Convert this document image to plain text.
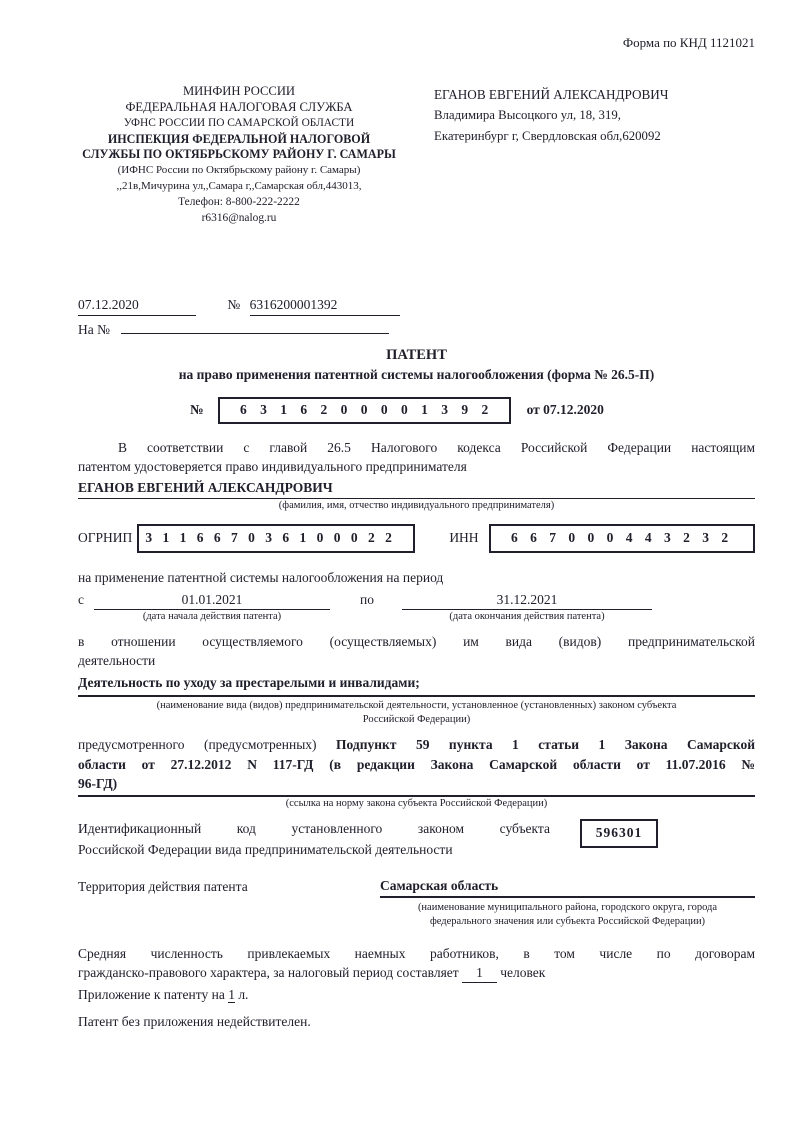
Форма по КНД 1121021
МИНФИН РОССИИ
ФЕДЕРАЛЬНАЯ НАЛОГОВАЯ СЛУЖБА
УФНС РОССИИ ПО САМАРСКОЙ ОБЛАСТИ
ИНСПЕКЦИЯ ФЕДЕРАЛЬНОЙ НАЛОГОВОЙ
СЛУЖБЫ ПО ОКТЯБРЬСКОМУ РАЙОНУ Г. САМАРЫ
(ИФНС России по Октябрьскому району г. Самары)
,,21в,Мичурина ул,,Самара г,,Самарская обл,443013,
Телефон: 8-800-222-2222
r6316@nalog.ru
ЕГАНОВ ЕВГЕНИЙ АЛЕКСАНДРОВИЧ
Владимира Высоцкого ул, 18, 319,
Екатеринбург г, Свердловская обл,620092
07.12.2020	№ 6316200001392
На №
ПАТЕНТ
на право применения патентной системы налогообложения (форма № 26.5-П)
№	6 3 1 6 2 0 0 0 0 1 3 9 2	от 07.12.2020
В соответствии с главой 26.5 Налогового кодекса Российской Федерации настоящим
патентом удостоверяется право индивидуального предпринимателя
ЕГАНОВ ЕВГЕНИЙ АЛЕКСАНДРОВИЧ
(фамилия, имя, отчество индивидуального предпринимателя)
ОГРНИП 3 1 1 6 6 7 0 3 6 1 0 0 0 2 2	ИНН	6 6 7 0 0 0 4 4 3 2 3 2
на применение патентной системы налогообложения на период
с	01.01.2021
(дата начала действия патента)
по	31.12.2021
(дата окончания действия патента)
в отношении осуществляемого (осуществляемых) им вида (видов) предпринимательской
деятельности
Деятельность по уходу за престарелыми и инвалидами;
(наименование вида (видов) предпринимательской деятельности, установленное (установленных) законом субъекта
Российской Федерации)
предусмотренного (предусмотренных) Подпункт 59 пункта 1 статьи 1 Закона Самарской
области от 27.12.2012 N 117-ГД (в редакции Закона Самарской области от 11.07.2016 №
96-ГД)
(ссылка на норму закона субъекта Российской Федерации)
Идентификационный код установленного законом субъекта
Российской Федерации вида предпринимательской деятельности
596301
Территория действия патента	Самарская область
(наименование муниципального района, городского округа, города
федерального значения или субъекта Российской Федерации)
Средняя численность привлекаемых наемных работников, в том числе по договорам
гражданско-правового характера, за налоговый период составляет 1 человек
Приложение к патенту на 1 л.
Патент без приложения недействителен.
